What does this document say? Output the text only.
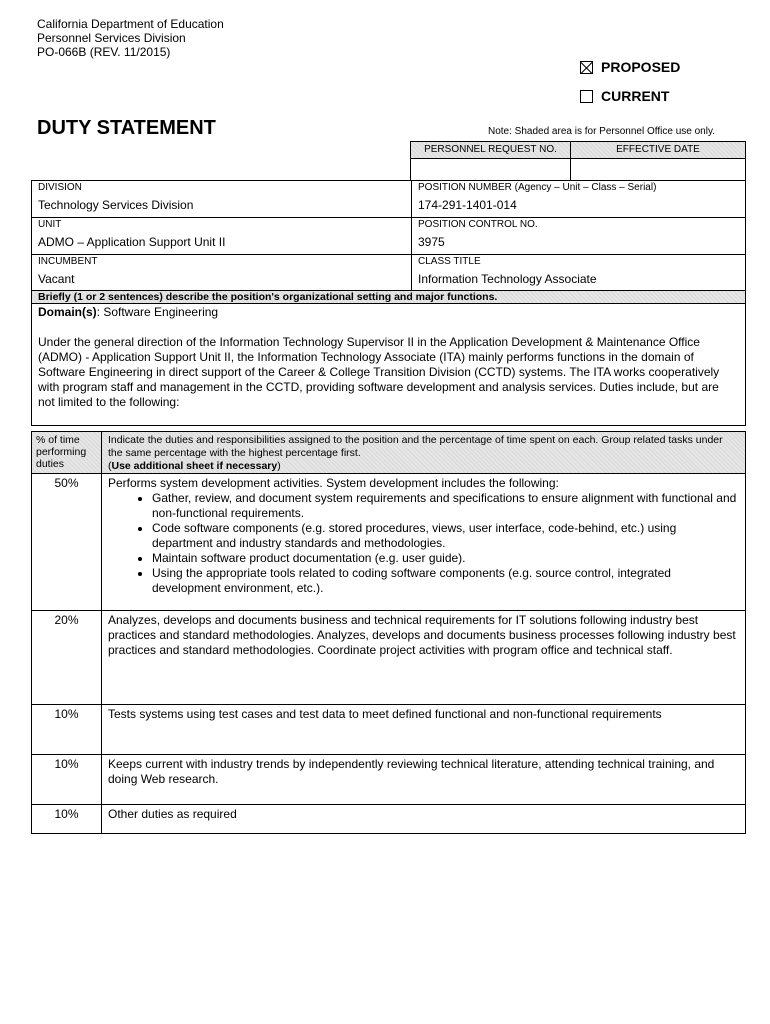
California Department of Education
Personnel Services Division
PO-066B (REV. 11/2015)
PROPOSED
CURRENT
DUTY STATEMENT	Note: Shaded area is for Personnel Office use only.
PERSONNEL REQUEST NO.	EFFECTIVE DATE
DIVISION
Technology Services Division
POSITION NUMBER (Agency – Unit – Class – Serial)
174-291-1401-014
UNIT
ADMO – Application Support Unit II
POSITION CONTROL NO.
3975
INCUMBENT
Vacant
CLASS TITLE
Information Technology Associate
Briefly (1 or 2 sentences) describe the position's organizational setting and major functions.
Domain(s): Software Engineering
Under the general direction of the Information Technology Supervisor II in the Application Development & Maintenance Office (ADMO) - Application Support Unit II, the Information Technology Associate (ITA) mainly performs functions in the domain of Software Engineering in direct support of the Career & College Transition Division (CCTD) systems. The ITA works cooperatively with program staff and management in the CCTD, providing software development and analysis services. Duties include, but are not limited to the following:
% of time performing duties
Indicate the duties and responsibilities assigned to the position and the percentage of time spent on each. Group related tasks under the same percentage with the highest percentage first.
(Use additional sheet if necessary)
50%	Performs system development activities. System development includes the following:
• Gather, review, and document system requirements and specifications to ensure alignment with functional and non-functional requirements.
• Code software components (e.g. stored procedures, views, user interface, code-behind, etc.) using department and industry standards and methodologies.
• Maintain software product documentation (e.g. user guide).
• Using the appropriate tools related to coding software components (e.g. source control, integrated development environment, etc.).
20%	Analyzes, develops and documents business and technical requirements for IT solutions following industry best practices and standard methodologies. Analyzes, develops and documents business processes following industry best practices and standard methodologies. Coordinate project activities with program office and technical staff.
10%	Tests systems using test cases and test data to meet defined functional and non-functional requirements
10%	Keeps current with industry trends by independently reviewing technical literature, attending technical training, and doing Web research.
10%	Other duties as required
